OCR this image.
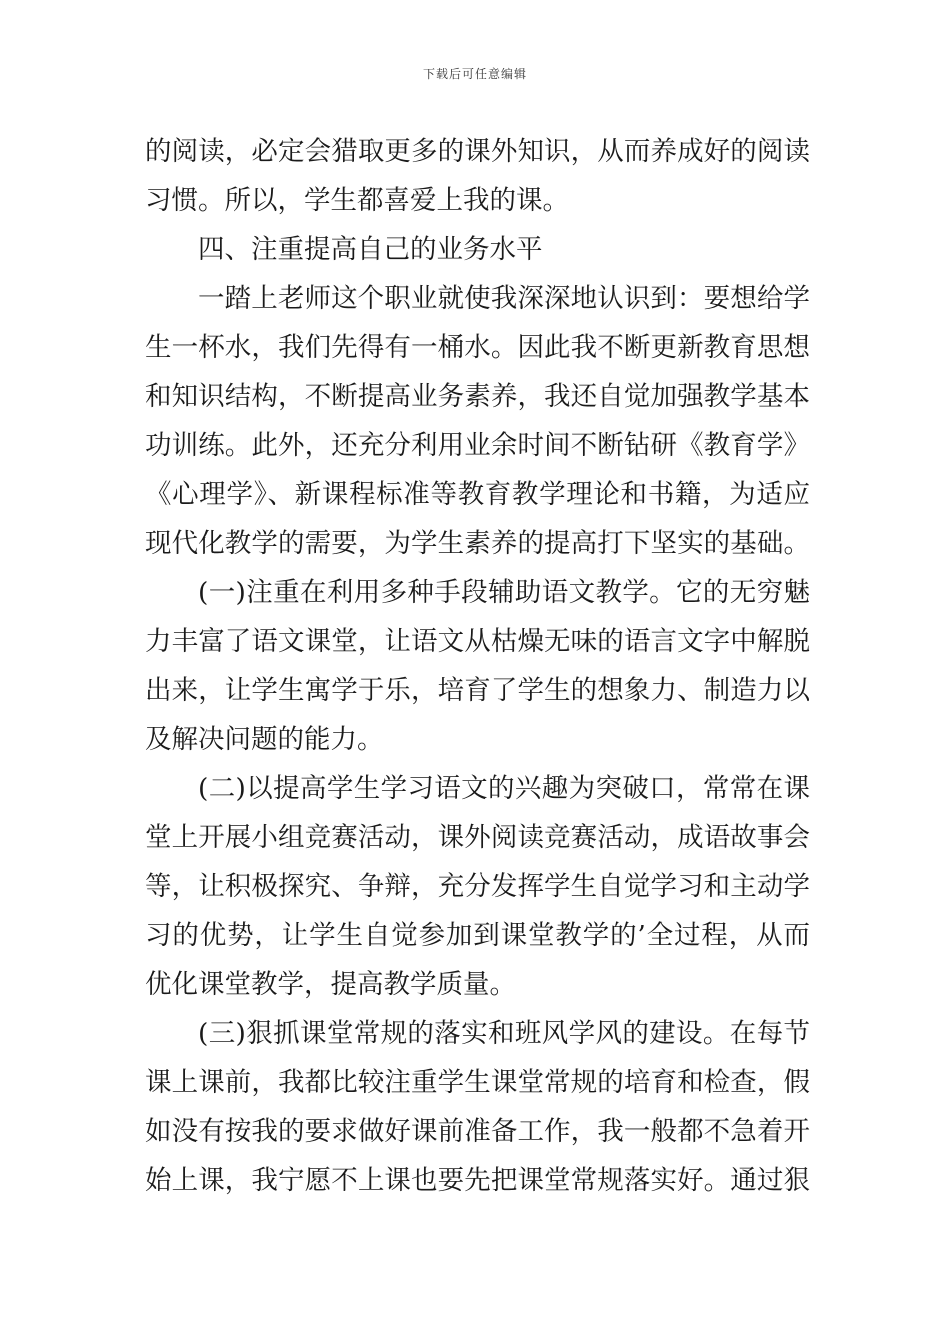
下载后可任意编辑
的阅读，必定会猎取更多的课外知识，从而养成好的阅读
习惯。所以，学生都喜爱上我的课。
四、注重提高自己的业务水平
一踏上老师这个职业就使我深深地认识到：要想给学
生一杯水，我们先得有一桶水。因此我不断更新教育思想
和知识结构，不断提高业务素养，我还自觉加强教学基本
功训练。此外，还充分利用业余时间不断钻研《教育学》
《心理学》、新课程标准等教育教学理论和书籍，为适应
现代化教学的需要，为学生素养的提高打下坚实的基础。
(一)注重在利用多种手段辅助语文教学。它的无穷魅
力丰富了语文课堂，让语文从枯燥无味的语言文字中解脱
出来，让学生寓学于乐，培育了学生的想象力、制造力以
及解决问题的能力。
(二)以提高学生学习语文的兴趣为突破口，常常在课
堂上开展小组竞赛活动，课外阅读竞赛活动，成语故事会
等，让积极探究、争辩，充分发挥学生自觉学习和主动学
习的优势，让学生自觉参加到课堂教学的’全过程，从而
优化课堂教学，提高教学质量。
(三)狠抓课堂常规的落实和班风学风的建设。在每节
课上课前，我都比较注重学生课堂常规的培育和检查，假
如没有按我的要求做好课前准备工作，我一般都不急着开
始上课，我宁愿不上课也要先把课堂常规落实好。通过狠
